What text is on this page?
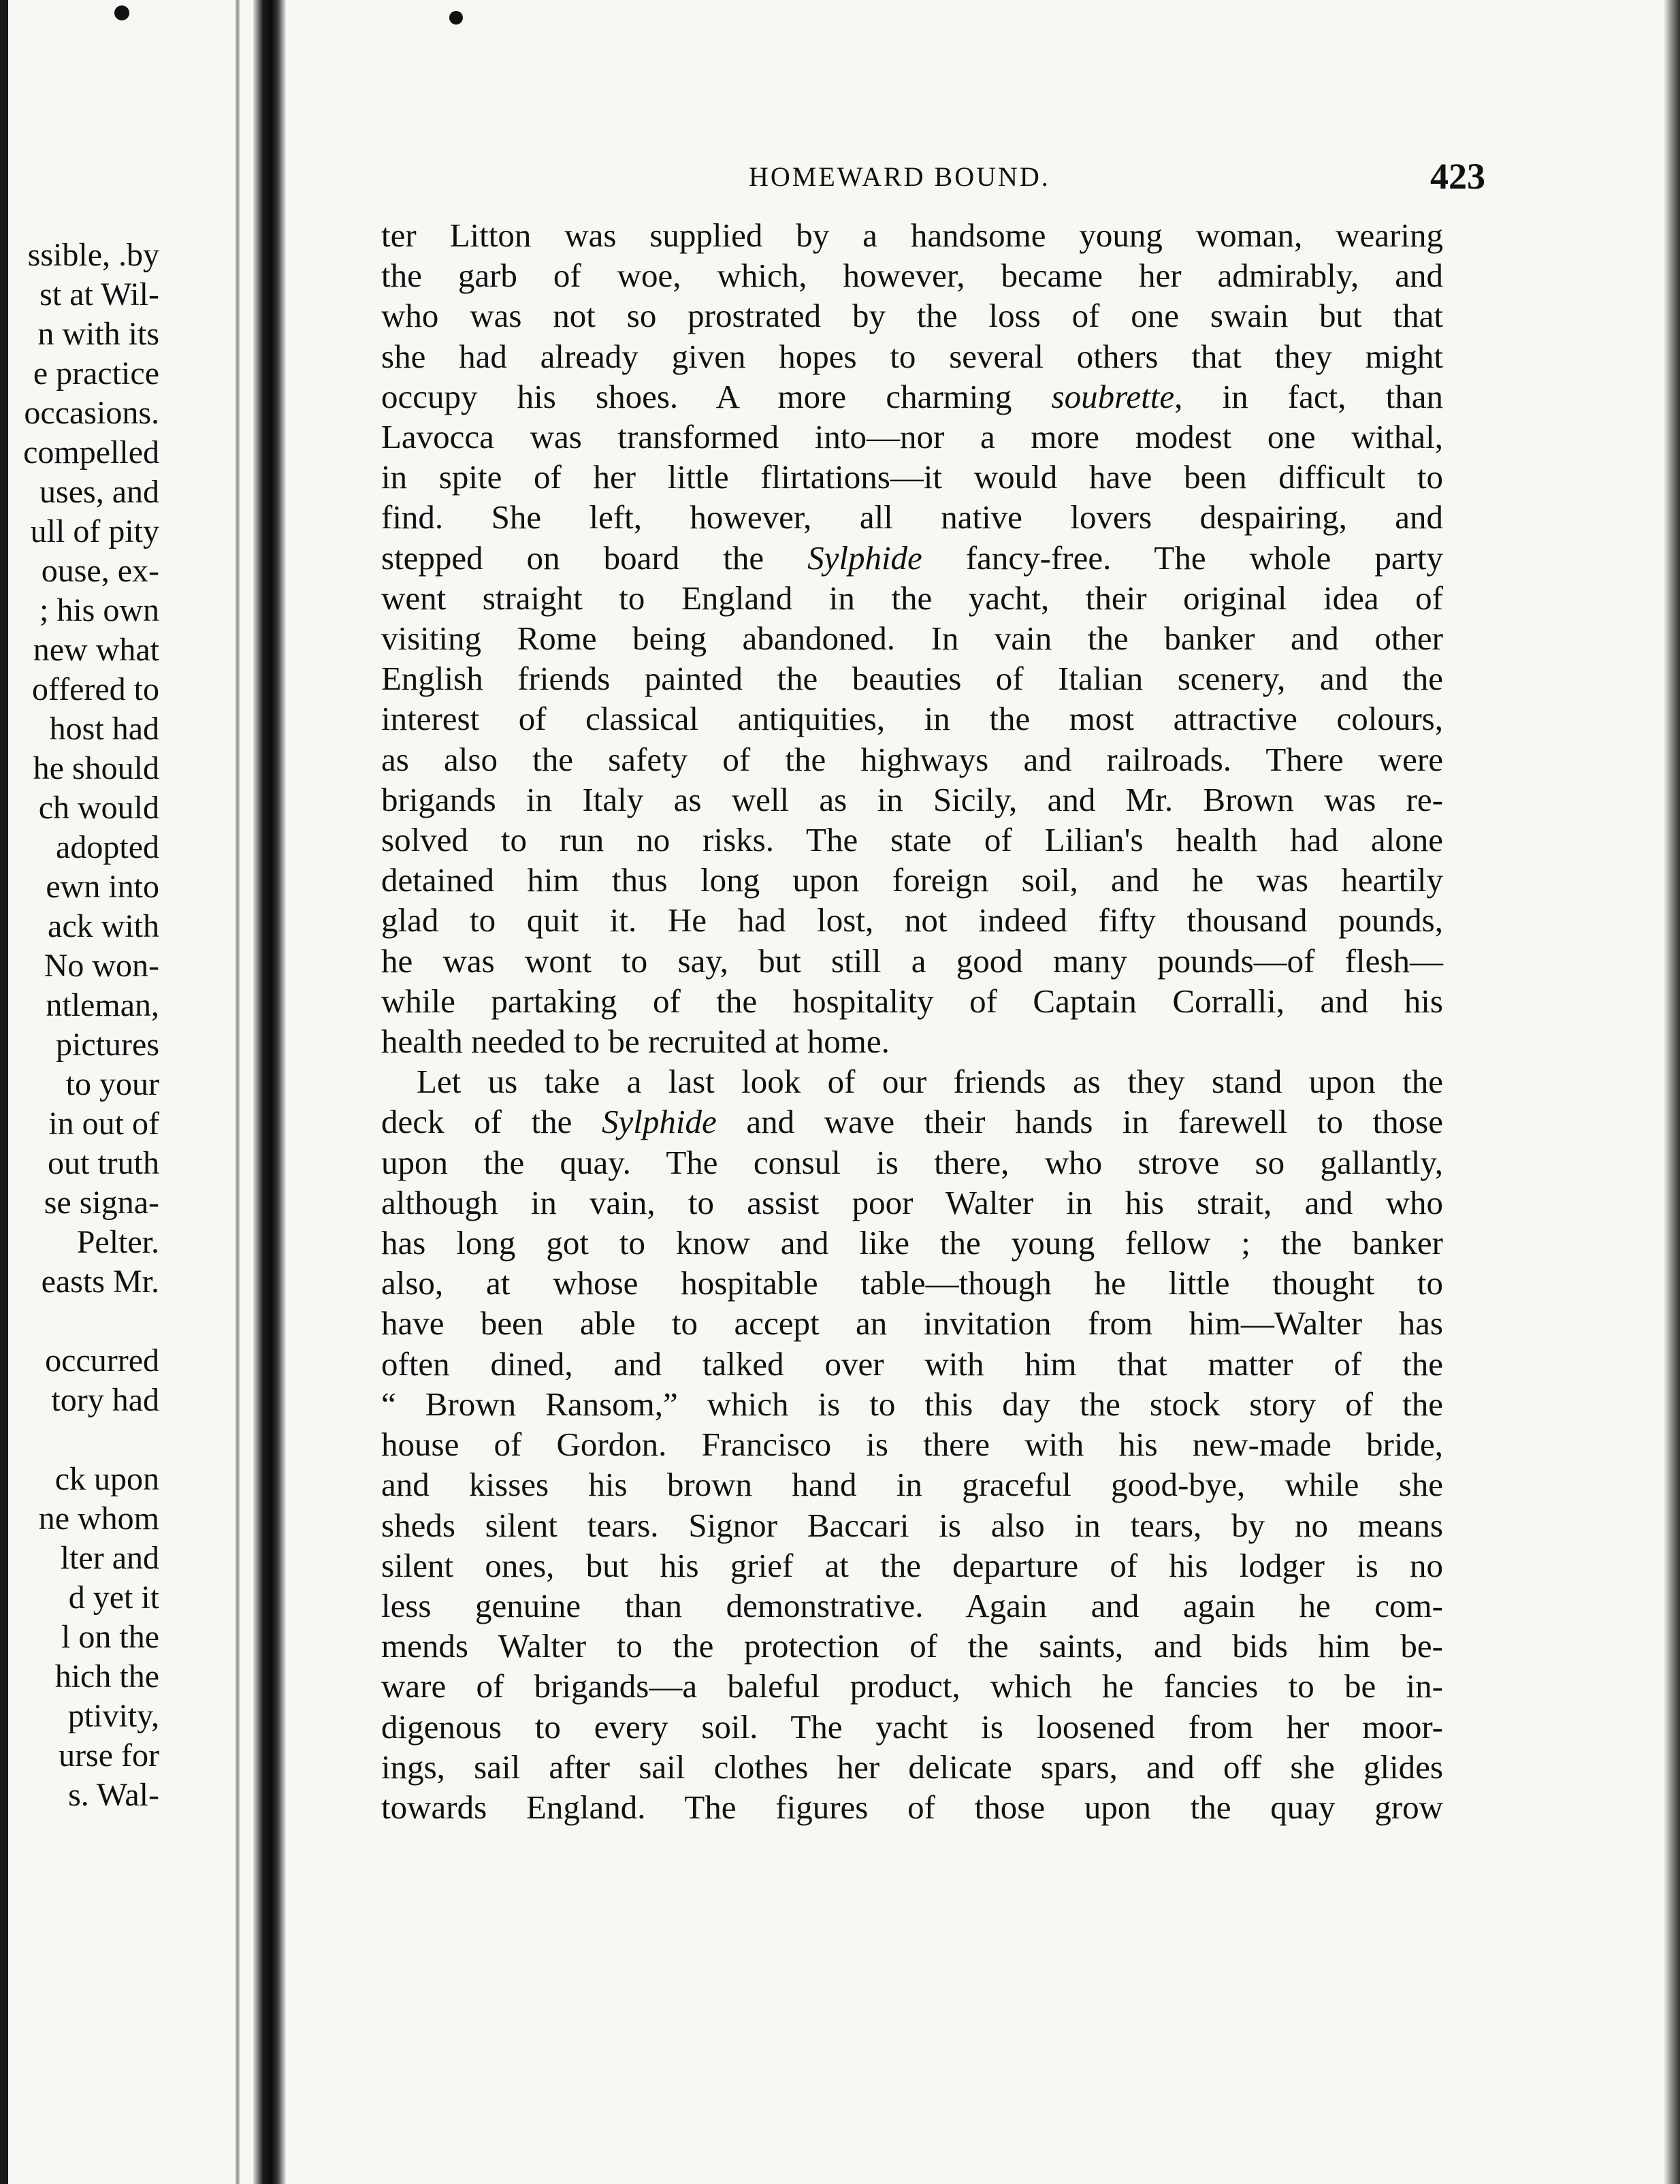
ssible, .by
st at Wil-
n with its
e practice
occasions.
compelled
uses, and
ull of pity
ouse, ex-
; his own
new what
offered to
host had
he should
ch would
adopted
ewn into
ack with
No won-
ntleman,
pictures
to your
in out of
out truth
se signa-
Pelter.
easts Mr.
occurred
tory had
ck upon
ne whom
lter and
d yet it
l on the
hich the
ptivity,
urse for
s. Wal-
HOMEWARD BOUND.	423

ter Litton was supplied by a handsome young woman, wearing
the garb of woe, which, however, became her admirably, and
who was not so prostrated by the loss of one swain but that
she had already given hopes to several others that they might
occupy his shoes. A more charming soubrette, in fact, than
Lavocca was transformed into—nor a more modest one withal,
in spite of her little flirtations—it would have been difficult to
find. She left, however, all native lovers despairing, and
stepped on board the Sylphide fancy-free. The whole party
went straight to England in the yacht, their original idea of
visiting Rome being abandoned. In vain the banker and other
English friends painted the beauties of Italian scenery, and the
interest of classical antiquities, in the most attractive colours,
as also the safety of the highways and railroads. There were
brigands in Italy as well as in Sicily, and Mr. Brown was re-
solved to run no risks. The state of Lilian's health had alone
detained him thus long upon foreign soil, and he was heartily
glad to quit it. He had lost, not indeed fifty thousand pounds,
he was wont to say, but still a good many pounds—of flesh—
while partaking of the hospitality of Captain Corralli, and his
health needed to be recruited at home.

Let us take a last look of our friends as they stand upon the
deck of the Sylphide and wave their hands in farewell to those
upon the quay. The consul is there, who strove so gallantly,
although in vain, to assist poor Walter in his strait, and who
has long got to know and like the young fellow ; the banker
also, at whose hospitable table—though he little thought to
have been able to accept an invitation from him—Walter has
often dined, and talked over with him that matter of the
“ Brown Ransom,” which is to this day the stock story of the
house of Gordon. Francisco is there with his new-made bride,
and kisses his brown hand in graceful good-bye, while she
sheds silent tears. Signor Baccari is also in tears, by no means
silent ones, but his grief at the departure of his lodger is no
less genuine than demonstrative. Again and again he com-
mends Walter to the protection of the saints, and bids him be-
ware of brigands—a baleful product, which he fancies to be in-
digenous to every soil. The yacht is loosened from her moor-
ings, sail after sail clothes her delicate spars, and off she glides
towards England. The figures of those upon the quay grow
